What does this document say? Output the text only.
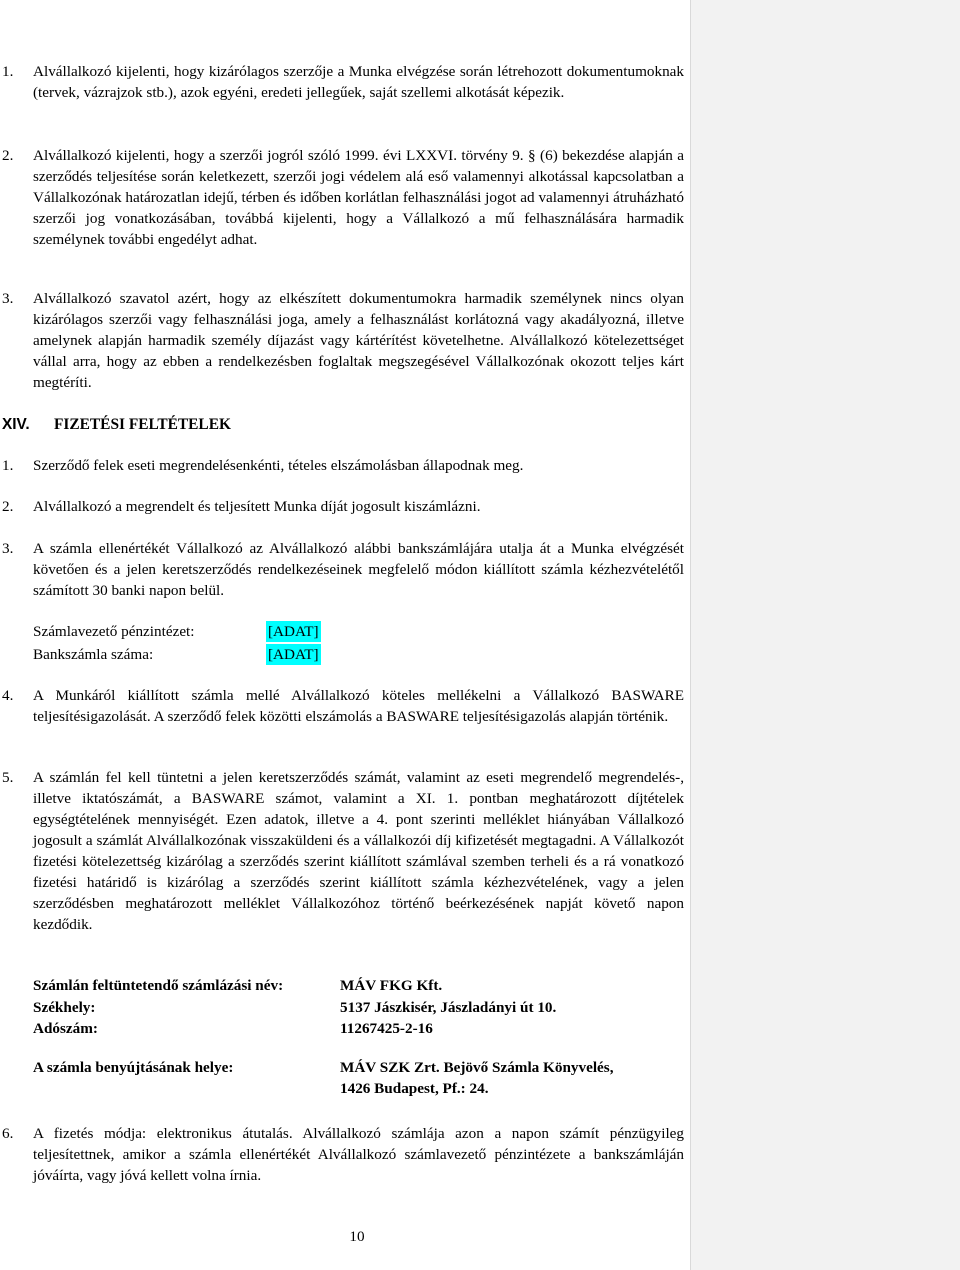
1. Alvállalkozó kijelenti, hogy kizárólagos szerzője a Munka elvégzése során létrehozott dokumentumoknak (tervek, vázrajzok stb.), azok egyéni, eredeti jellegűek, saját szellemi alkotását képezik.
2. Alvállalkozó kijelenti, hogy a szerzői jogról szóló 1999. évi LXXVI. törvény 9. § (6) bekezdése alapján a szerződés teljesítése során keletkezett, szerzői jogi védelem alá eső valamennyi alkotással kapcsolatban a Vállalkozónak határozatlan idejű, térben és időben korlátlan felhasználási jogot ad valamennyi átruházható szerzői jog vonatkozásában, továbbá kijelenti, hogy a Vállalkozó a mű felhasználására harmadik személynek további engedélyt adhat.
3. Alvállalkozó szavatol azért, hogy az elkészített dokumentumokra harmadik személynek nincs olyan kizárólagos szerzői vagy felhasználási joga, amely a felhasználást korlátozná vagy akadályozná, illetve amelynek alapján harmadik személy díjazást vagy kártérítést követelhetne. Alvállalkozó kötelezettséget vállal arra, hogy az ebben a rendelkezésben foglaltak megszegésével Vállalkozónak okozott teljes kárt megtéríti.
XIV. FIZETÉSI FELTÉTELEK
1. Szerződő felek eseti megrendelésenkénti, tételes elszámolásban állapodnak meg.
2. Alvállalkozó a megrendelt és teljesített Munka díját jogosult kiszámlázni.
3. A számla ellenértékét Vállalkozó az Alvállalkozó alábbi bankszámlájára utalja át a Munka elvégzését követően és a jelen keretszerződés rendelkezéseinek megfelelő módon kiállított számla kézhezvételétől számított 30 banki napon belül.
Számlavezető pénzintézet:	[ADAT]
Bankszámla száma:	[ADAT]
4. A Munkáról kiállított számla mellé Alvállalkozó köteles mellékelni a Vállalkozó BASWARE teljesítésigazolását. A szerződő felek közötti elszámolás a BASWARE teljesítésigazolás alapján történik.
5. A számlán fel kell tüntetni a jelen keretszerződés számát, valamint az eseti megrendelő megrendelés-, illetve iktatószámát, a BASWARE számot, valamint a XI. 1. pontban meghatározott díjtételek egységtételének mennyiségét. Ezen adatok, illetve a 4. pont szerinti melléklet hiányában Vállalkozó jogosult a számlát Alvállalkozónak visszaküldeni és a vállalkozói díj kifizetését megtagadni. A Vállalkozót fizetési kötelezettség kizárólag a szerződés szerint kiállított számlával szemben terheli és a rá vonatkozó fizetési határidő is kizárólag a szerződés szerint kiállított számla kézhezvételének, vagy a jelen szerződésben meghatározott melléklet Vállalkozóhoz történő beérkezésének napját követő napon kezdődik.
Számlán feltüntetendő számlázási név:	MÁV FKG Kft.
Székhely:	5137 Jászkisér, Jászladányi út 10.
Adószám:	11267425-2-16
A számla benyújtásának helye:	MÁV SZK Zrt. Bejövő Számla Könyvelés,
1426 Budapest, Pf.: 24.
6. A fizetés módja: elektronikus átutalás. Alvállalkozó számlája azon a napon számít pénzügyileg teljesítettnek, amikor a számla ellenértékét Alvállalkozó számlavezető pénzintézete a bankszámláján jóváírta, vagy jóvá kellett volna írnia.
10
